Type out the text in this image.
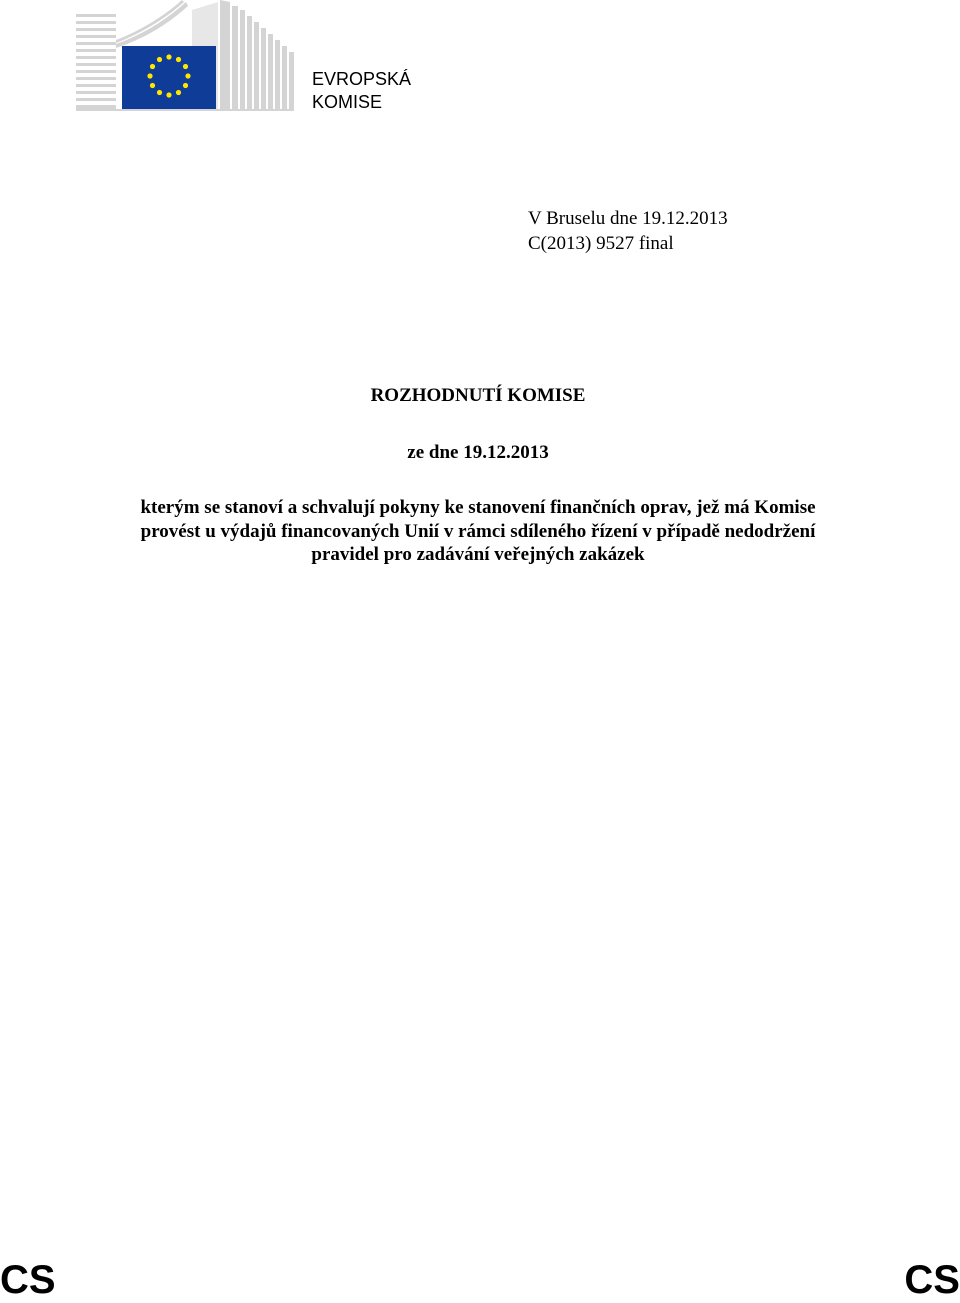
EVROPSKÁ
KOMISE
V Bruselu dne 19.12.2013
C(2013) 9527 final
ROZHODNUTÍ KOMISE
ze dne 19.12.2013
kterým se stanoví a schvalují pokyny ke stanovení finančních oprav, jež má Komise
provést u výdajů financovaných Unií v rámci sdíleného řízení v případě nedodržení
pravidel pro zadávání veřejných zakázek
CS	CS
